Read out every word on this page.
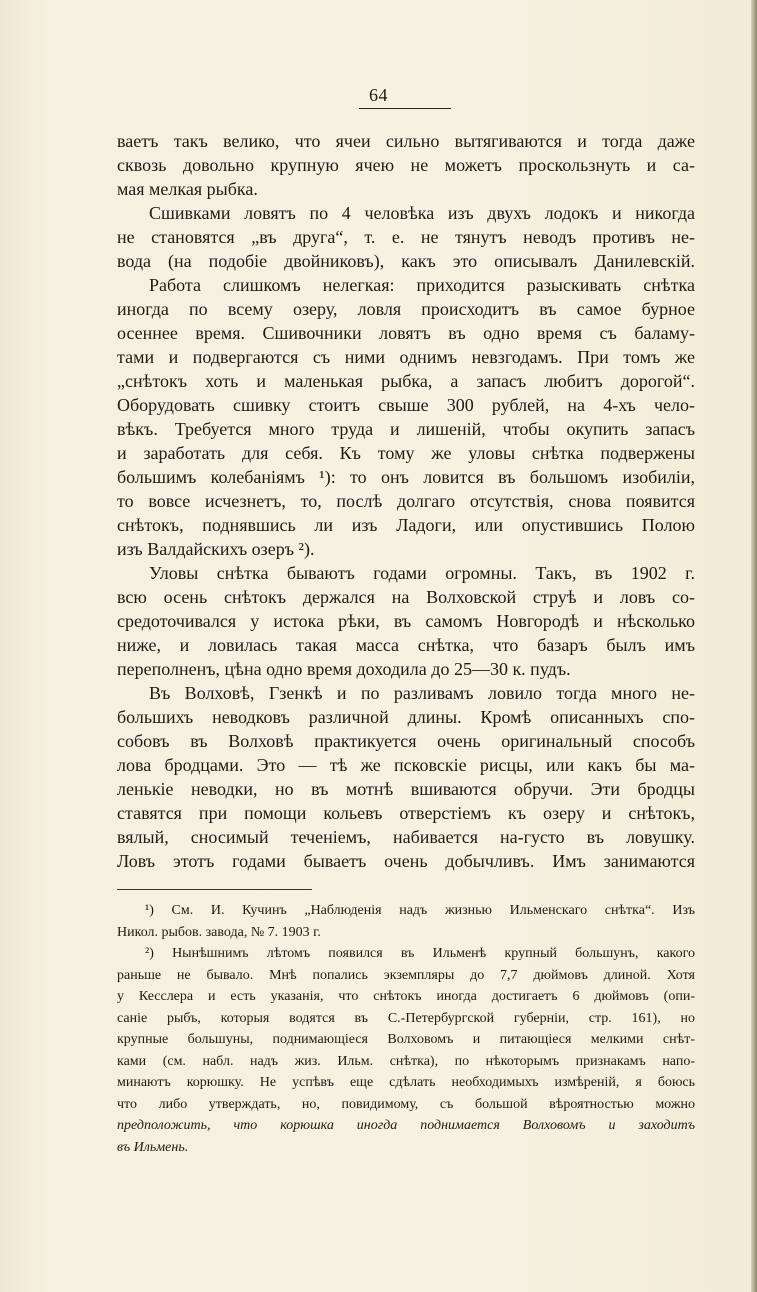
64
ваетъ такъ велико, что ячеи сильно вытягиваются и тогда даже
сквозь довольно крупную ячею не можетъ проскользнуть и са-
мая мелкая рыбка.
Сшивками ловятъ по 4 человѣка изъ двухъ лодокъ и никогда
не становятся „въ друга“, т. е. не тянутъ неводъ противъ не-
вода (на подобіе двойниковъ), какъ это описывалъ Данилевскій.
Работа слишкомъ нелегкая: приходится разыскивать снѣтка
иногда по всему озеру, ловля происходитъ въ самое бурное
осеннее время. Сшивочники ловятъ въ одно время съ баламу-
тами и подвергаются съ ними однимъ невзгодамъ. При томъ же
„снѣтокъ хоть и маленькая рыбка, а запасъ любитъ дорогой“.
Оборудовать сшивку стоитъ свыше 300 рублей, на 4-хъ чело-
вѣкъ. Требуется много труда и лишеній, чтобы окупить запасъ
и заработать для себя. Къ тому же уловы снѣтка подвержены
большимъ колебаніямъ ¹): то онъ ловится въ большомъ изобиліи,
то вовсе исчезнетъ, то, послѣ долгаго отсутствія, снова появится
снѣтокъ, поднявшись ли изъ Ладоги, или опустившись Полою
изъ Валдайскихъ озеръ ²).
Уловы снѣтка бываютъ годами огромны. Такъ, въ 1902 г.
всю осень снѣтокъ держался на Волховской струѣ и ловъ со-
средоточивался у истока рѣки, въ самомъ Новгородѣ и нѣсколько
ниже, и ловилась такая масса снѣтка, что базаръ былъ имъ
переполненъ, цѣна одно время доходила до 25—30 к. пудъ.
Въ Волховѣ, Гзенкѣ и по разливамъ ловило тогда много не-
большихъ неводковъ различной длины. Кромѣ описанныхъ спо-
собовъ въ Волховѣ практикуется очень оригинальный способъ
лова бродцами. Это — тѣ же псковскіе рисцы, или какъ бы ма-
ленькіе неводки, но въ мотнѣ вшиваются обручи. Эти бродцы
ставятся при помощи кольевъ отверстіемъ къ озеру и снѣтокъ,
вялый, сносимый теченіемъ, набивается на-густо въ ловушку.
Ловъ этотъ годами бываетъ очень добычливъ. Имъ занимаются
¹) См. И. Кучинъ „Наблюденія надъ жизнью Ильменскаго снѣтка“. Изъ
Никол. рыбов. завода, № 7. 1903 г.
²) Нынѣшнимъ лѣтомъ появился въ Ильменѣ крупный большунъ, какого
раньше не бывало. Мнѣ попались экземпляры до 7,7 дюймовъ длиной. Хотя
у Кесслера и есть указанія, что снѣтокъ иногда достигаетъ 6 дюймовъ (опи-
саніе рыбъ, которыя водятся въ С.-Петербургской губерніи, стр. 161), но
крупные большуны, поднимающіеся Волховомъ и питающіеся мелкими снѣт-
ками (см. набл. надъ жиз. Ильм. снѣтка), по нѣкоторымъ признакамъ напо-
минаютъ корюшку. Не успѣвъ еще сдѣлать необходимыхъ измѣреній, я боюсь
что либо утверждать, но, повидимому, съ большой вѣроятностью можно
предположить, что корюшка иногда поднимается Волховомъ и заходитъ
въ Ильмень.
